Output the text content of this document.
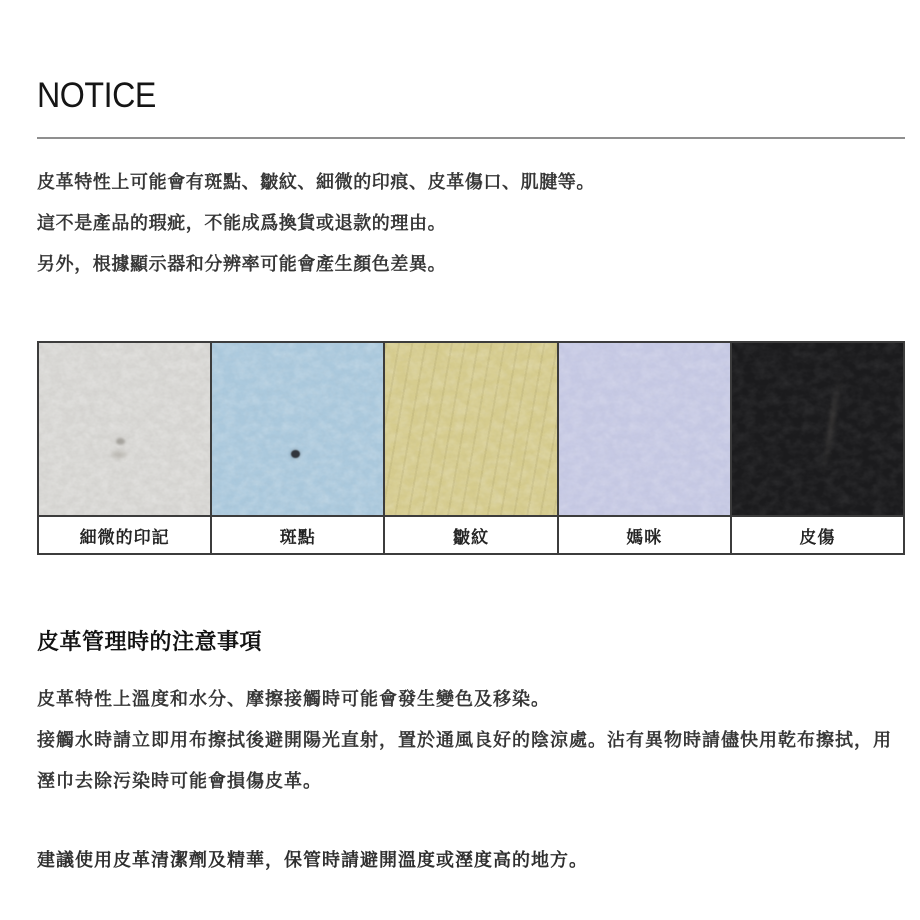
NOTICE

皮革特性上可能會有斑點、皺紋、細微的印痕、皮革傷口、肌腱等。

這不是產品的瑕疵，不能成爲換貨或退款的理由。

另外，根據顯示器和分辨率可能會產生顏色差異。

細微的印記	斑點	皺紋	媽咪	皮傷
皮革管理時的注意事項

皮革特性上溫度和水分、摩擦接觸時可能會發生變色及移染。

接觸水時請立即用布擦拭後避開陽光直射，置於通風良好的陰涼處。沾有異物時請儘快用乾布擦拭，用溼巾去除污染時可能會損傷皮革。

建議使用皮革清潔劑及精華，保管時請避開溫度或溼度高的地方。
